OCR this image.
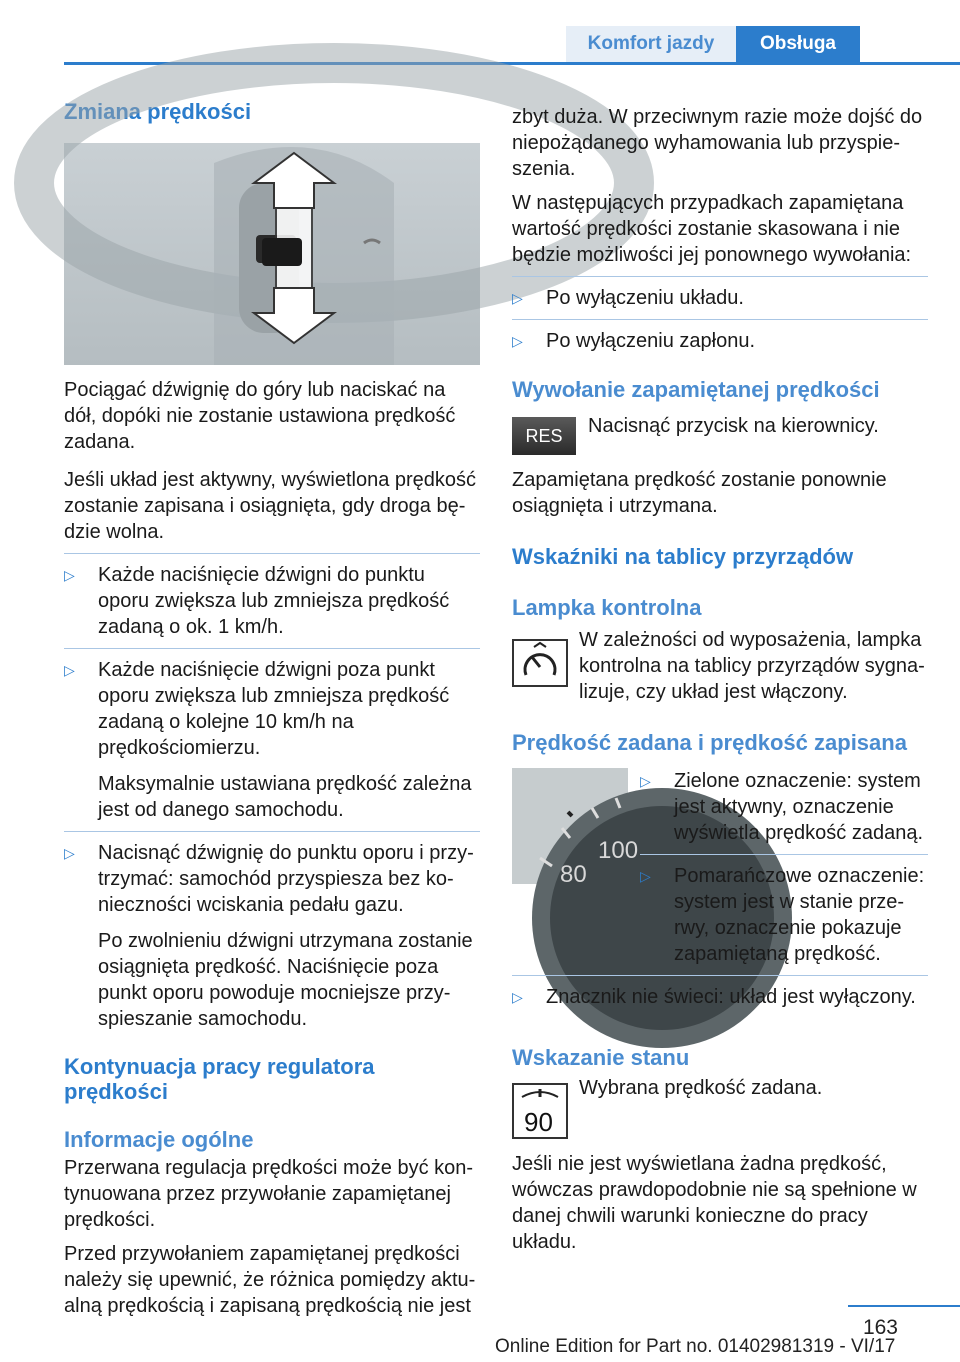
Komfort jazdy	Obsługa
Zmiana prędkości

Pociągać dźwignię do góry lub naciskać na dół, dopóki nie zostanie ustawiona prędkość zadana.

Jeśli układ jest aktywny, wyświetlona prędkość zostanie zapisana i osiągnięta, gdy droga będzie wolna.

▷ Każde naciśnięcie dźwigni do punktu oporu zwiększa lub zmniejsza prędkość zadaną o ok. 1 km/h.
▷ Każde naciśnięcie dźwigni poza punkt oporu zwiększa lub zmniejsza prędkość zadaną o kolejne 10 km/h na prędkościomierzu.

Maksymalnie ustawiana prędkość zależna jest od danego samochodu.

▷ Nacisnąć dźwignię do punktu oporu i przytrzymać: samochód przyspiesza bez konieczności wciskania pedału gazu.

Po zwolnieniu dźwigni utrzymana zostanie osiągnięta prędkość. Naciśnięcie poza punkt oporu powoduje mocniejsze przyspieszanie samochodu.

Kontynuacja pracy regulatora prędkości
Informacje ogólne

Przerwana regulacja prędkości może być kontynuowana przez przywołanie zapamiętanej prędkości.

Przed przywołaniem zapamiętanej prędkości należy się upewnić, że różnica pomiędzy aktualną prędkością i zapisaną prędkością nie jest

zbyt duża. W przeciwnym razie może dojść do niepożądanego wyhamowania lub przyspieszenia.

W następujących przypadkach zapamiętana wartość prędkości zostanie skasowana i nie będzie możliwości jej ponownego wywołania:

▷ Po wyłączeniu układu.
▷ Po wyłączeniu zapłonu.
Wywołanie zapamiętanej prędkości
RES	Nacisnąć przycisk na kierownicy.

Zapamiętana prędkość zostanie ponownie osiągnięta i utrzymana.

Wskaźniki na tablicy przyrządów
Lampka kontrolna

W zależności od wyposażenia, lampka kontrolna na tablicy przyrządów sygnalizuje, czy układ jest włączony.

Prędkość zadana i prędkość zapisana
100
80
▷ Zielone oznaczenie: system jest aktywny, oznaczenie wyświetla prędkość zadaną.
▷ Pomarańczowe oznaczenie: system jest w stanie przerwy, oznaczenie pokazuje zapamiętaną prędkość.
▷ Znacznik nie świeci: układ jest wyłączony.
Wskazanie stanu
90

Wybrana prędkość zadana.

Jeśli nie jest wyświetlana żadna prędkość, wówczas prawdopodobnie nie są spełnione w danej chwili warunki konieczne do pracy układu.

163
Online Edition for Part no. 01402981319 - VI/17
